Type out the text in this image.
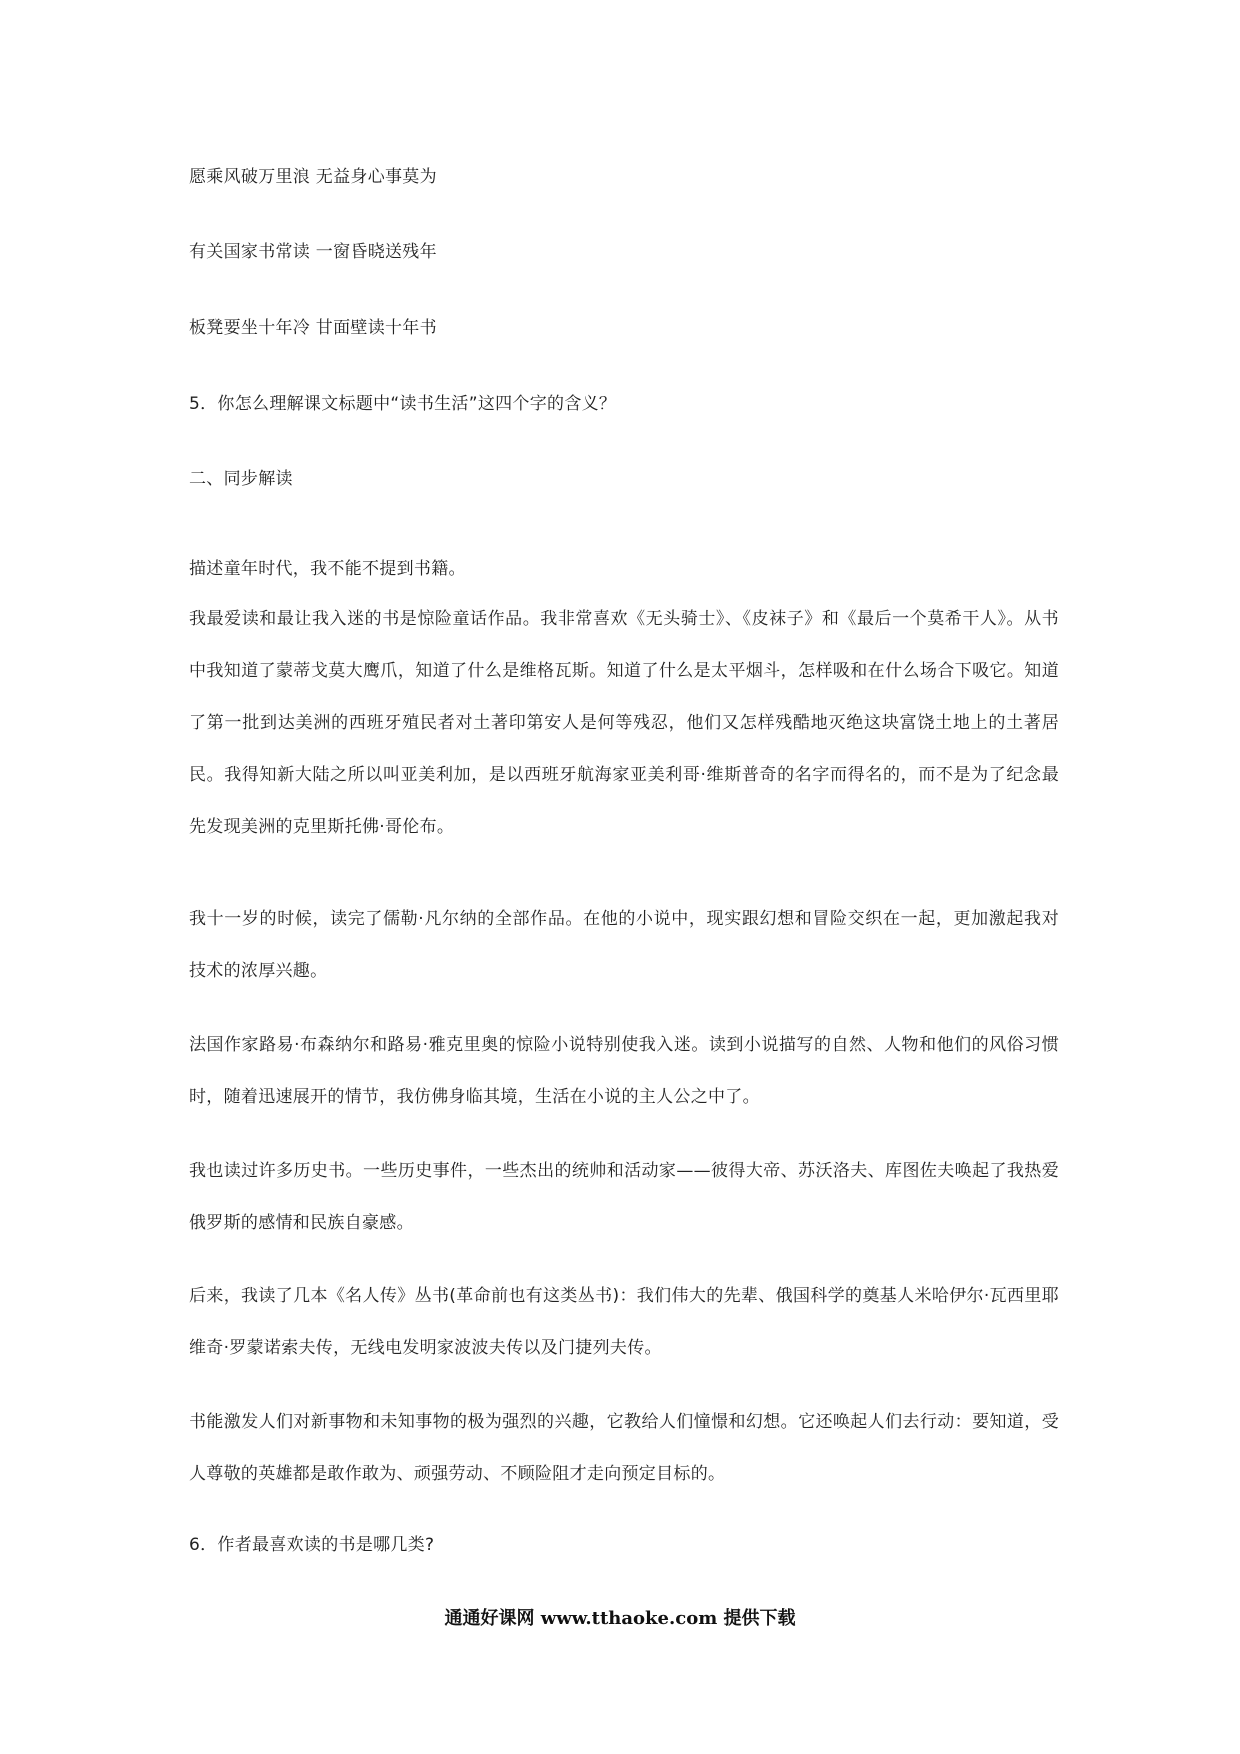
愿乘风破万里浪 无益身心事莫为
有关国家书常读 一窗昏晓送残年
板凳要坐十年冷 甘面壁读十年书
5．你怎么理解课文标题中“读书生活”这四个字的含义？
二、同步解读
描述童年时代，我不能不提到书籍。
我最爱读和最让我入迷的书是惊险童话作品。我非常喜欢《无头骑士》、《皮袜子》和《最后一个莫希干人》。从书中我知道了蒙蒂戈莫大鹰爪，知道了什么是维格瓦斯。知道了什么是太平烟斗，怎样吸和在什么场合下吸它。知道了第一批到达美洲的西班牙殖民者对土著印第安人是何等残忍，他们又怎样残酷地灭绝这块富饶土地上的土著居民。我得知新大陆之所以叫亚美利加，是以西班牙航海家亚美利哥·维斯普奇的名字而得名的，而不是为了纪念最先发现美洲的克里斯托佛·哥伦布。
我十一岁的时候，读完了儒勒·凡尔纳的全部作品。在他的小说中，现实跟幻想和冒险交织在一起，更加激起我对技术的浓厚兴趣。
法国作家路易·布森纳尔和路易·雅克里奥的惊险小说特别使我入迷。读到小说描写的自然、人物和他们的风俗习惯时，随着迅速展开的情节，我仿佛身临其境，生活在小说的主人公之中了。
我也读过许多历史书。一些历史事件，一些杰出的统帅和活动家——彼得大帝、苏沃洛夫、库图佐夫唤起了我热爱俄罗斯的感情和民族自豪感。
后来，我读了几本《名人传》丛书(革命前也有这类丛书)：我们伟大的先辈、俄国科学的奠基人米哈伊尔·瓦西里耶维奇·罗蒙诺索夫传，无线电发明家波波夫传以及门捷列夫传。
书能激发人们对新事物和未知事物的极为强烈的兴趣，它教给人们憧憬和幻想。它还唤起人们去行动：要知道，受人尊敬的英雄都是敢作敢为、顽强劳动、不顾险阻才走向预定目标的。
6．作者最喜欢读的书是哪几类?
通通好课网 www.tthaoke.com 提供下载
